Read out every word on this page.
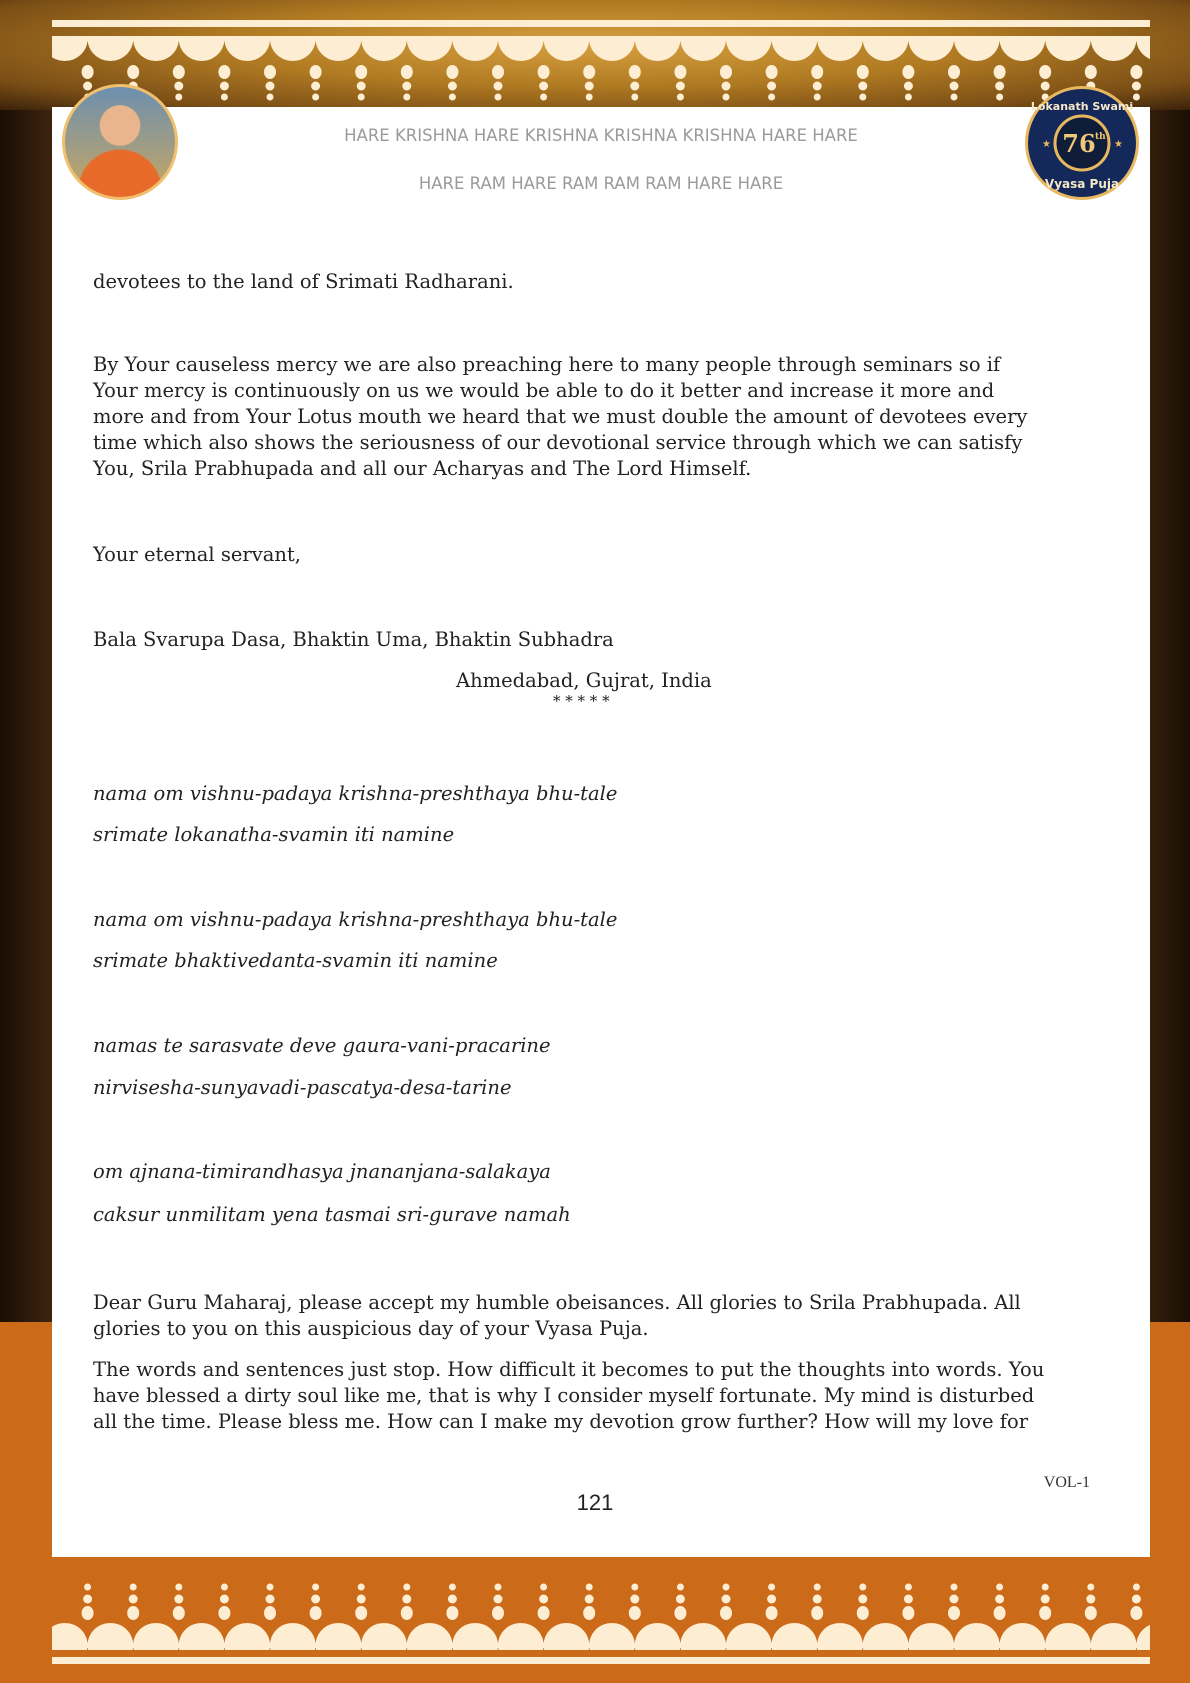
76 th
Lokanath Swami
Vyasa Puja
★	★
HARE KRISHNA HARE KRISHNA KRISHNA KRISHNA HARE HARE
HARE RAM HARE RAM RAM RAM HARE HARE
devotees to the land of Srimati Radharani.
By Your causeless mercy we are also preaching here to many people through seminars so if
Your mercy is continuously on us we would be able to do it better and increase it more and
more and from Your Lotus mouth we heard that we must double the amount of devotees every
time which also shows the seriousness of our devotional service through which we can satisfy
You, Srila Prabhupada and all our Acharyas and The Lord Himself.
Your eternal servant,
Bala Svarupa Dasa, Bhaktin Uma, Bhaktin Subhadra
Ahmedabad, Gujrat, India
* * * * *
nama om vishnu-padaya krishna-preshthaya bhu-tale
srimate lokanatha-svamin iti namine
nama om vishnu-padaya krishna-preshthaya bhu-tale
srimate bhaktivedanta-svamin iti namine
namas te sarasvate deve gaura-vani-pracarine
nirvisesha-sunyavadi-pascatya-desa-tarine
om ajnana-timirandhasya jnananjana-salakaya
caksur unmilitam yena tasmai sri-gurave namah
Dear Guru Maharaj, please accept my humble obeisances. All glories to Srila Prabhupada. All
glories to you on this auspicious day of your Vyasa Puja.
The words and sentences just stop. How difficult it becomes to put the thoughts into words. You
have blessed a dirty soul like me, that is why I consider myself fortunate. My mind is disturbed
all the time. Please bless me. How can I make my devotion grow further? How will my love for
VOL-1
121
